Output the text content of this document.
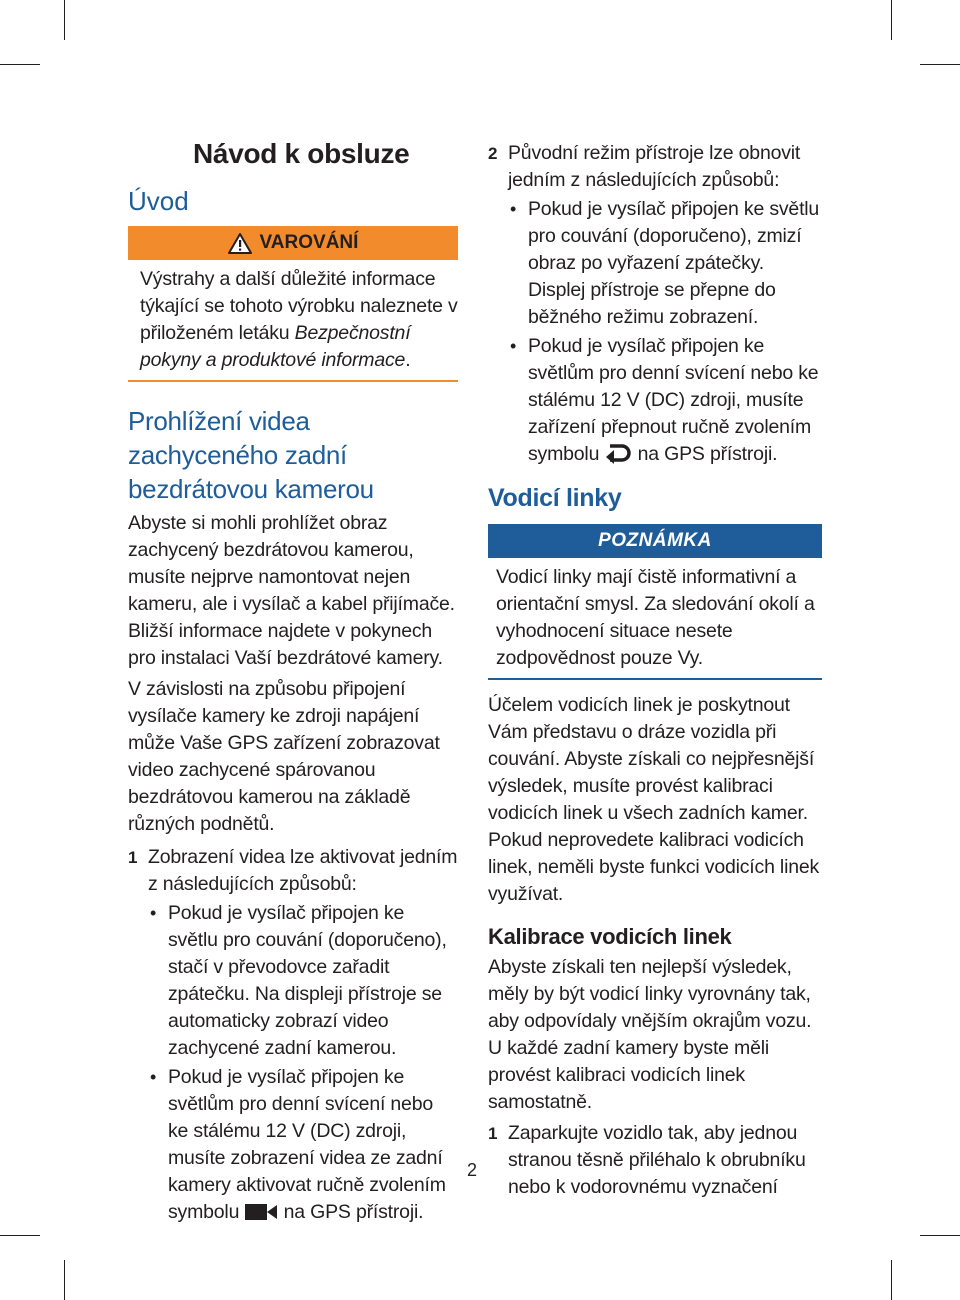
Návod k obsluze
Úvod
VAROVÁNÍ

Výstrahy a další důležité informace týkající se tohoto výrobku naleznete v přiloženém letáku Bezpečnostní pokyny a produktové informace.

Prohlížení videa zachyceného zadní bezdrátovou kamerou

Abyste si mohli prohlížet obraz zachycený bezdrátovou kamerou, musíte nejprve namontovat nejen kameru, ale i vysílač a kabel přijímače. Bližší informace najdete v pokynech pro instalaci Vaší bezdrátové kamery.

V závislosti na způsobu připojení vysílače kamery ke zdroji napájení může Vaše GPS zařízení zobrazovat video zachycené spárovanou bezdrátovou kamerou na základě různých podnětů.

1 Zobrazení videa lze aktivovat jedním z následujících způsobů:

• Pokud je vysílač připojen ke světlu pro couvání (doporučeno), stačí v převodovce zařadit zpátečku. Na displeji přístroje se automaticky zobrazí video zachycené zadní kamerou.

• Pokud je vysílač připojen ke světlům pro denní svícení nebo ke stálému 12 V (DC) zdroji, musíte zobrazení videa ze zadní kamery aktivovat ručně zvolením symbolu  na GPS přístroji.

2 Původní režim přístroje lze obnovit jedním z následujících způsobů:

• Pokud je vysílač připojen ke světlu pro couvání (doporučeno), zmizí obraz po vyřazení zpátečky. Displej přístroje se přepne do běžného režimu zobrazení.

• Pokud je vysílač připojen ke světlům pro denní svícení nebo ke stálému 12 V (DC) zdroji, musíte zařízení přepnout ručně zvolením symbolu  na GPS přístroji.

Vodicí linky
POZNÁMKA

Vodicí linky mají čistě informativní a orientační smysl. Za sledování okolí a vyhodnocení situace nesete zodpovědnost pouze Vy.

Účelem vodicích linek je poskytnout Vám představu o dráze vozidla při couvání. Abyste získali co nejpřesnější výsledek, musíte provést kalibraci vodicích linek u všech zadních kamer. Pokud neprovedete kalibraci vodicích linek, neměli byste funkci vodicích linek využívat.

Kalibrace vodicích linek

Abyste získali ten nejlepší výsledek, měly by být vodicí linky vyrovnány tak, aby odpovídaly vnějším okrajům vozu. U každé zadní kamery byste měli provést kalibraci vodicích linek samostatně.

1 Zaparkujte vozidlo tak, aby jednou stranou těsně přiléhalo k obrubníku nebo k vodorovnému vyznačení

2
